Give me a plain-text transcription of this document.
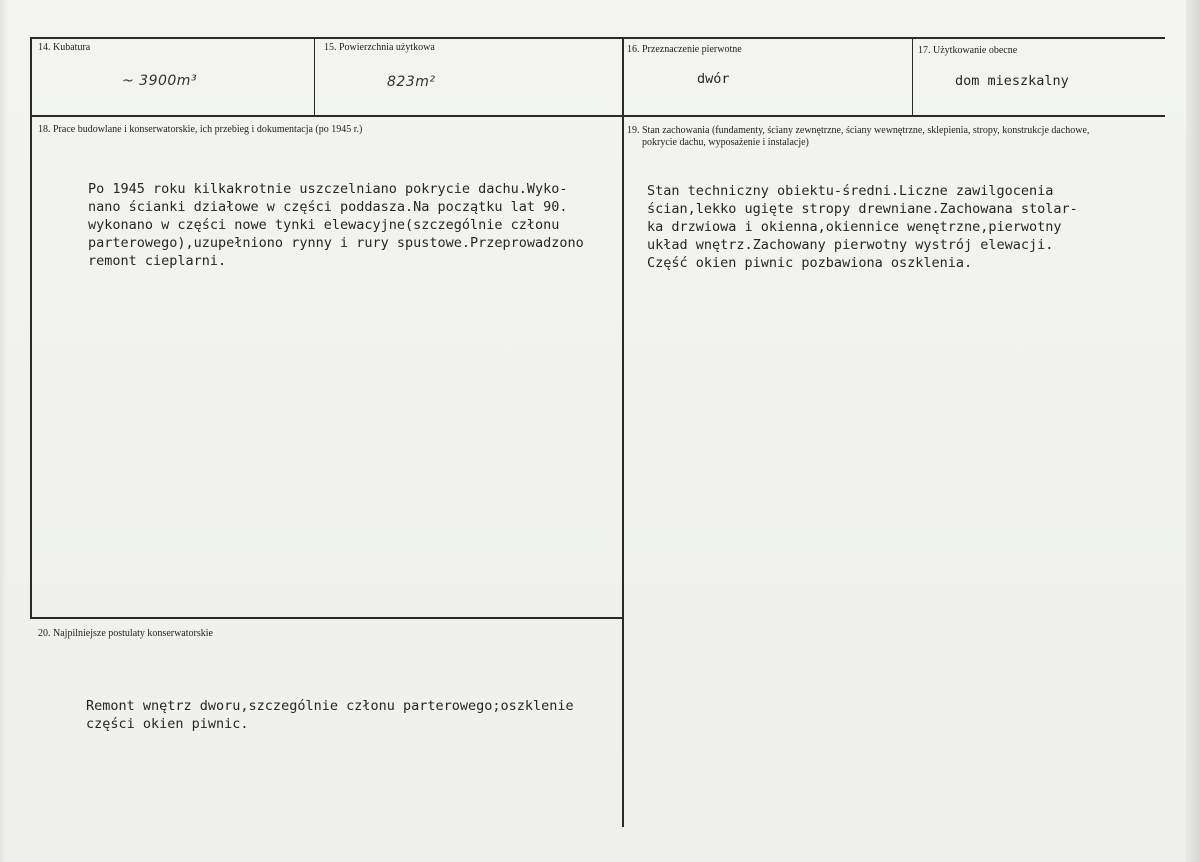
14. Kubatura
~ 3900m³
15. Powierzchnia użytkowa
823m²
16. Przeznaczenie pierwotne
dwór
17. Użytkowanie obecne
dom mieszkalny
18. Prace budowlane i konserwatorskie, ich przebieg i dokumentacja (po 1945 r.)
Po 1945 roku kilkakrotnie uszczelniano pokrycie dachu.Wyko-
nano ścianki działowe w części poddasza.Na początku lat 90.
wykonano w części nowe tynki elewacyjne(szczególnie członu
parterowego),uzupełniono rynny i rury spustowe.Przeprowadzono
remont cieplarni.
19. Stan zachowania (fundamenty, ściany zewnętrzne, ściany wewnętrzne, sklepienia, stropy, konstrukcje dachowe,
pokrycie dachu, wyposażenie i instalacje)
Stan techniczny obiektu-średni.Liczne zawilgocenia
ścian,lekko ugięte stropy drewniane.Zachowana stolar-
ka drzwiowa i okienna,okiennice wenętrzne,pierwotny
układ wnętrz.Zachowany pierwotny wystrój elewacji.
Część okien piwnic pozbawiona oszklenia.
20. Najpilniejsze postulaty konserwatorskie
Remont wnętrz dworu,szczególnie członu parterowego;oszklenie
części okien piwnic.
